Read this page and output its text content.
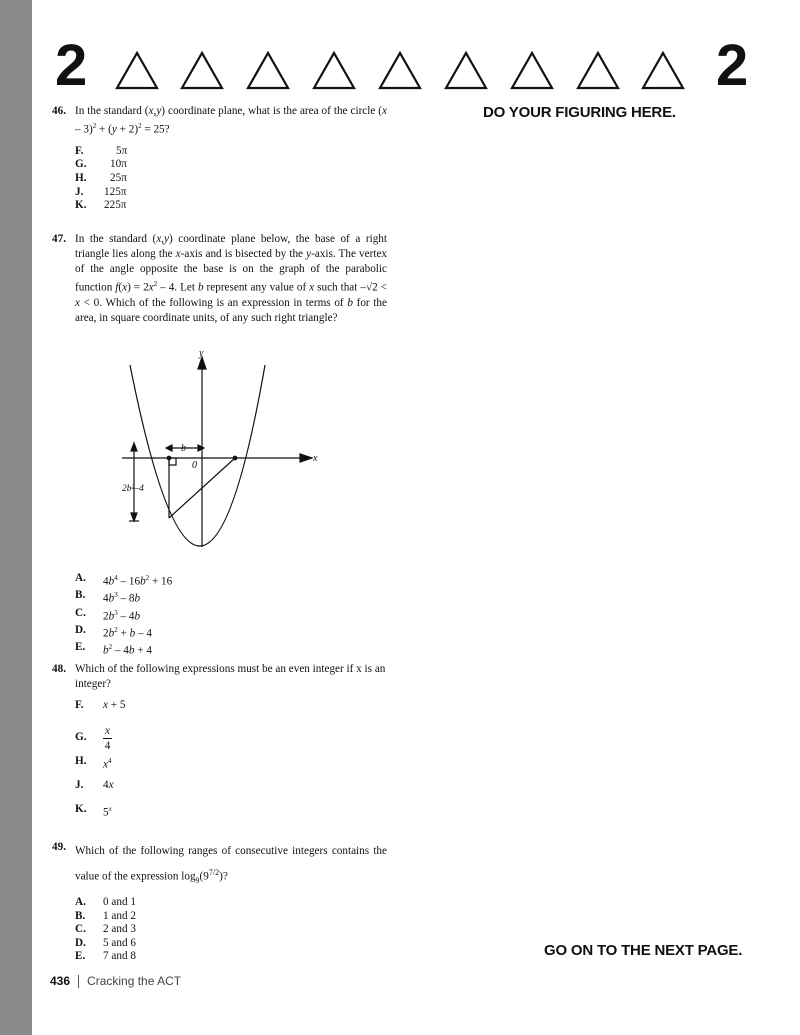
2	2
DO YOUR FIGURING HERE.
46. In the standard (x,y) coordinate plane, what is the area of the circle $(x - 3)^2 + (y + 2)^2 = 25$?
F.	5π
G.	10π
H.	25π
J.	125π
K.	225π
47. In the standard (x,y) coordinate plane below, the base of a right triangle lies along the x-axis and is bisected by the y-axis. The vertex of the angle opposite the base is on the graph of the parabolic function $f(x) = 2x^2 - 4$. Let b represent any value of x such that –√2 < x < 0. Which of the following is an expression in terms of b for the area, in square coordinate units, of any such right triangle?
y
x
0
b
2b²–4
A.	$4b^4 - 16b^2 + 16$
B.	$4b^3 - 8b$
C.	$2b^3 - 4b$
D.	$2b^2 + b - 4$
E.	$b^2 - 4b + 4$
48. Which of the following expressions must be an even integer if x is an integer?
F.	x + 5
G.	$\frac{x}{4}$
H.	$x^4$
J.	4x
K.	5$^x$
49. Which of the following ranges of consecutive integers contains the value of the expression $\log_9(9^{7/2})$?
A.	0 and 1
B.	1 and 2
C.	2 and 3
D.	5 and 6
E.	7 and 8	GO ON TO THE NEXT PAGE.
436 Cracking the ACT
